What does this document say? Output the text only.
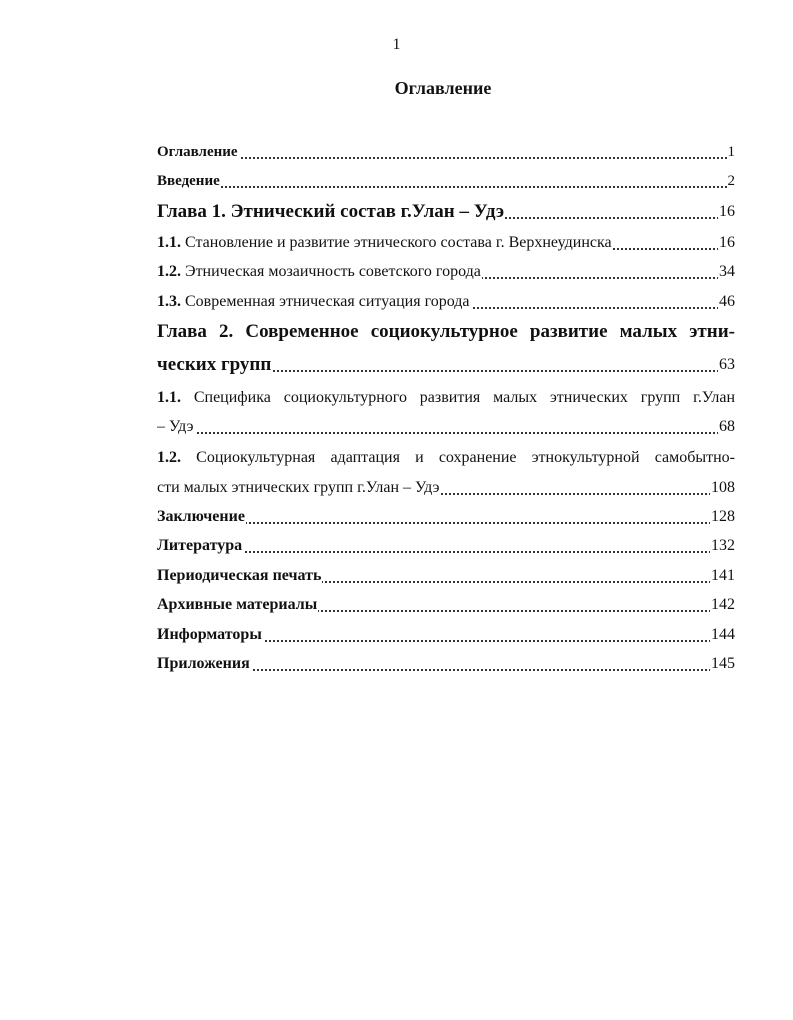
1
Оглавление
Оглавление	1
Введение	2
Глава 1. Этнический состав г.Улан – Удэ	16
1.1. Становление и развитие этнического состава г. Верхнеудинска	16
1.2. Этническая мозаичность советского города	34
1.3. Современная этническая ситуация города	46
Глава 2. Современное социокультурное развитие малых этни-
ческих групп	63
1.1. Специфика социокультурного развития малых этнических групп г.Улан
– Удэ	68
1.2. Социокультурная адаптация и сохранение этнокультурной самобытно-
сти малых этнических групп г.Улан – Удэ	108
Заключение	128
Литература	132
Периодическая печать	141
Архивные материалы	142
Информаторы	144
Приложения	145
